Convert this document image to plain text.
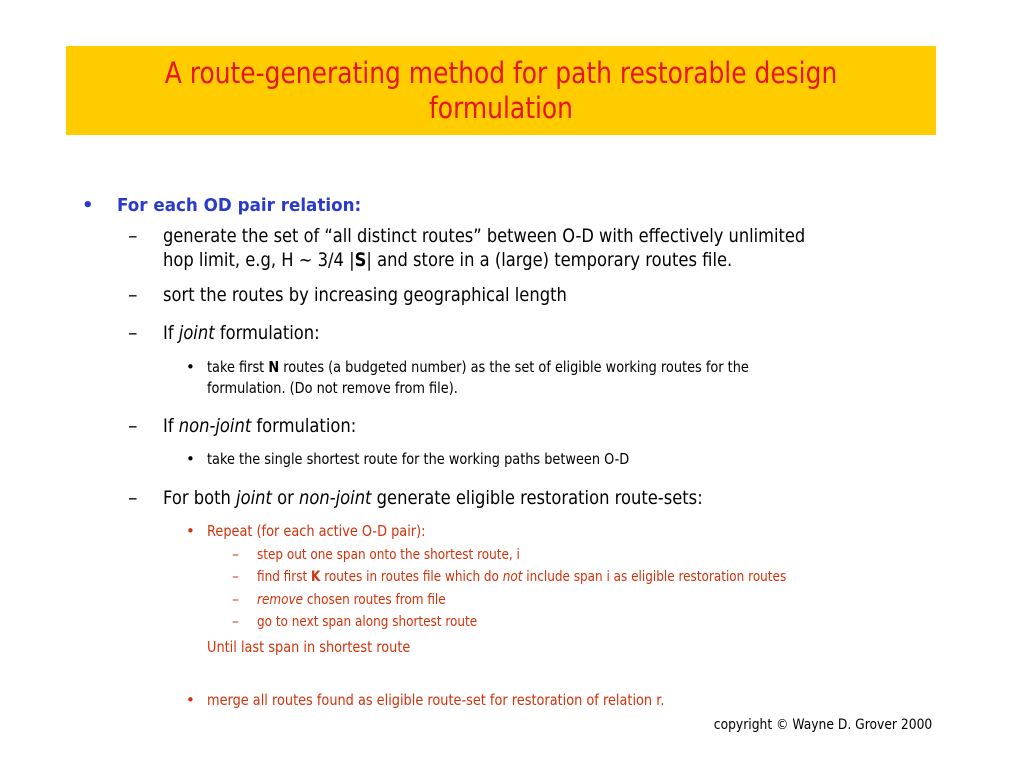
A route-generating method for path restorable design formulation
• For each OD pair relation:
– generate the set of “all distinct routes” between O-D with effectively unlimited
hop limit, e.g, H ~ 3/4 |S| and store in a (large) temporary routes file.
– sort the routes by increasing geographical length
– If joint formulation:
• take first N routes (a budgeted number) as the set of eligible working routes for the
formulation. (Do not remove from file).
– If non-joint formulation:
• take the single shortest route for the working paths between O-D
– For both joint or non-joint generate eligible restoration route-sets:
• Repeat (for each active O-D pair):
– step out one span onto the shortest route, i
– find first K routes in routes file which do not include span i as eligible restoration routes
– remove chosen routes from file
– go to next span along shortest route
Until last span in shortest route
• merge all routes found as eligible route-set for restoration of relation r.
copyright © Wayne D. Grover 2000
